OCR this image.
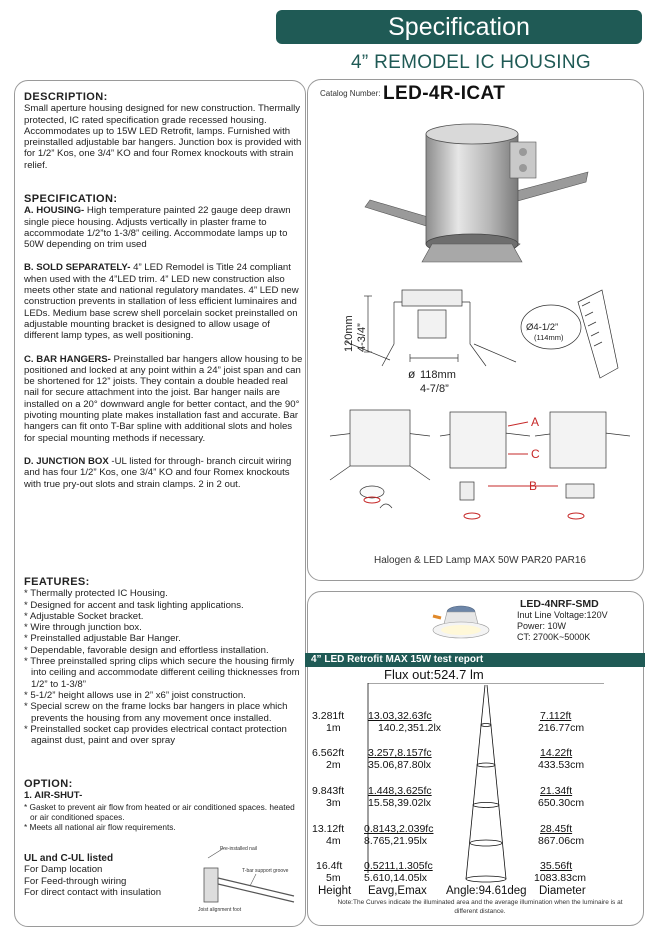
Specification
4” REMODEL IC HOUSING

DESCRIPTION:

Small aperture housing designed for new construction. Thermally protected, IC rated specification grade recessed housing. Accommodates up to 15W LED Retrofit, lamps. Furnished with preinstalled adjustable bar hangers. Junction box is provided with for 1/2” Kos, one 3/4” KO and four Romex knockouts with strain relief.

SPECIFICATION:

A. HOUSING- High temperature painted 22 gauge deep drawn single piece housing. Adjusts vertically in plaster frame to accommodate 1/2”to 1-3/8” ceiling. Accommodate lamps up to 50W depending on trim used

B. SOLD SEPARATELY- 4” LED Remodel is Title 24 compliant when used with the 4”LED trim. 4” LED new construction also meets other state and national regulatory mandates. 4” LED new construction prevents in stallation of less efficient luminaires and LEDs. Medium base screw shell porcelain socket preinstalled on adjustable mounting bracket is designed to allow usage of different lamp types, as well positioning.

C. BAR HANGERS- Preinstalled bar hangers allow housing to be positioned and locked at any point within a 24” joist span and can be shortened for 12” joists. They contain a double headed real nail for secure attachment into the joist. Bar hanger nails are installed on a 20° downward angle for better contact, and the 90° pivoting mounting plate makes installation fast and accurate. Bar hangers can fit onto T-Bar spline with additional slots and holes for special mounting methods if necessary.

D. JUNCTION BOX -UL listed for through- branch circuit wiring and has four 1/2” Kos, one 3/4” KO and four Romex knockouts with true pry-out slots and strain clamps. 2 in 2 out.

FEATURES:

* Thermally protected IC Housing.
* Designed for accent and task lighting applications.
* Adjustable Socket bracket.
* Wire through junction box.
* Preinstalled adjustable Bar Hanger.
* Dependable, favorable design and effortless installation.
* Three preinstalled spring clips which secure the housing firmly into ceiling and accommodate different ceiling thicknesses from 1/2” to 1-3/8”
* 5-1/2” height allows use in 2” x6” joist construction.
* Special screw on the frame locks bar hangers in place which prevents the housing from any movement once installed.
* Preinstalled socket cap provides electrical contact protection against dust, paint and over spray

OPTION:

1. AIR-SHUT-

* Gasket to prevent air flow from heated or air conditioned spaces. heated or air conditioned spaces.
* Meets all national air flow requirements.

UL and C-UL listed

For Damp location

For Feed-through wiring

For direct contact with insulation

Pre-installed nail
T-bar support groove
Joist alignment foot
Catalog Number: LED-4R-ICAT
120mm 4-3/4”
ø 118mm
4-7/8”
Ø4-1/2”
(114mm)
A
C
B
Halogen & LED Lamp MAX 50W PAR20 PAR16
LED-4NRF-SMD

Inut Line Voltage:120V

Power: 10W

CT: 2700K~5000K

4” LED Retrofit MAX 15W test report
Flux out:524.7 lm
3.281ft
1m
13.03,32.63fc
140.2,351.2lx
7.112ft
216.77cm
6.562ft
2m
3.257,8.157fc
35.06,87.80lx
14.22ft
433.53cm
9.843ft
3m
1.448,3.625fc
15.58,39.02lx
21.34ft
650.30cm
13.12ft
4m
0.8143,2.039fc
8.765,21.95lx
28.45ft
867.06cm
16.4ft
5m
0.5211,1.305fc
5.610,14.05lx
35.56ft
1083.83cm
Height Eavg,Emax Angle:94.61deg Diameter
Note:The Curves indicate the illuminated area and the average illumination when the luminaire is at different distance.
